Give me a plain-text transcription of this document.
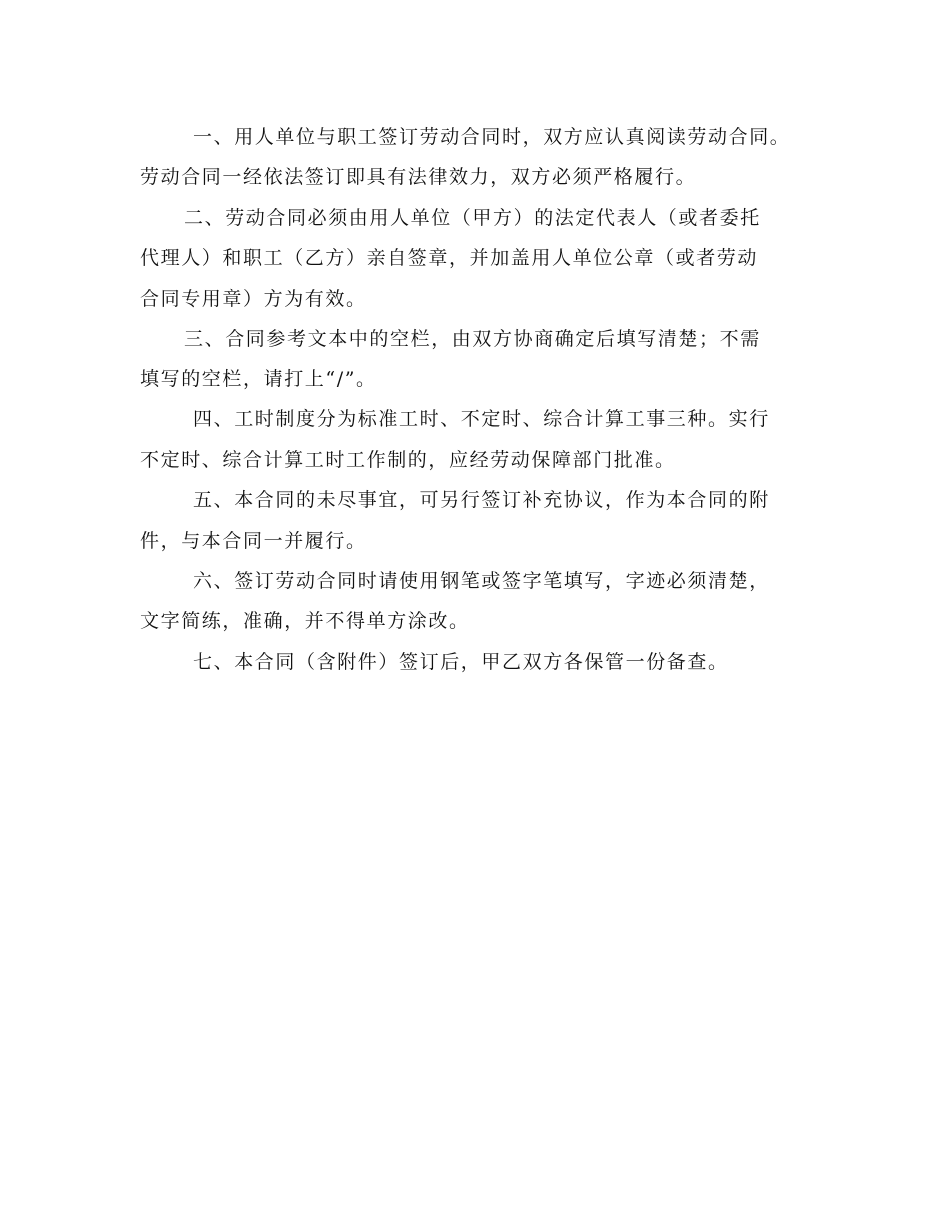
一、用人单位与职工签订劳动合同时，双方应认真阅读劳动合同。
劳动合同一经依法签订即具有法律效力，双方必须严格履行。
二、劳动合同必须由用人单位（甲方）的法定代表人（或者委托
代理人）和职工（乙方）亲自签章，并加盖用人单位公章（或者劳动
合同专用章）方为有效。
三、合同参考文本中的空栏，由双方协商确定后填写清楚；不需
填写的空栏，请打上“/”。
四、工时制度分为标准工时、不定时、综合计算工事三种。实行
不定时、综合计算工时工作制的，应经劳动保障部门批准。
五、本合同的未尽事宜，可另行签订补充协议，作为本合同的附
件，与本合同一并履行。
六、签订劳动合同时请使用钢笔或签字笔填写，字迹必须清楚，
文字简练，准确，并不得单方涂改。
七、本合同（含附件）签订后，甲乙双方各保管一份备查。
